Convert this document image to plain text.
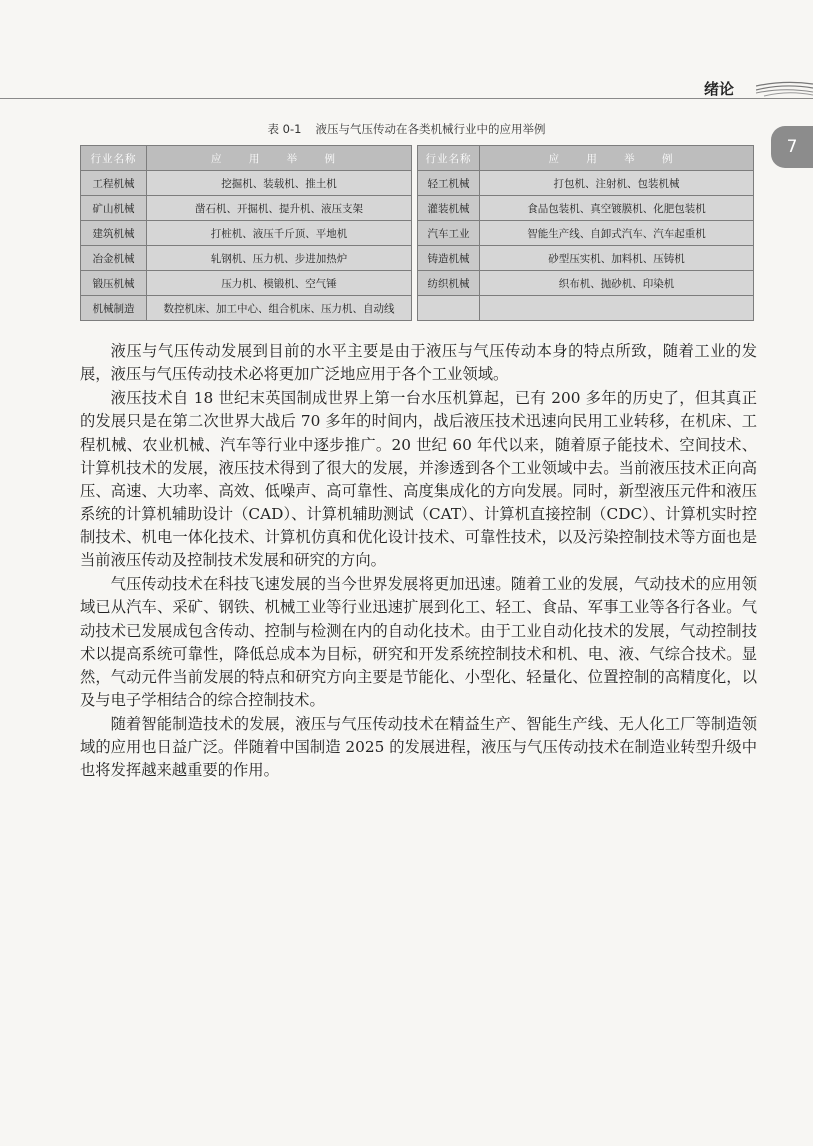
绪论
7
表 0-1 液压与气压传动在各类机械行业中的应用举例
行业名称	应 用 举 例		行业名称	应 用 举 例
工程机械	挖掘机、装载机、推土机		轻工机械	打包机、注射机、包装机械
矿山机械	凿石机、开掘机、提升机、液压支架		灌装机械	食品包装机、真空镀膜机、化肥包装机
建筑机械	打桩机、液压千斤顶、平地机		汽车工业	智能生产线、自卸式汽车、汽车起重机
冶金机械	轧钢机、压力机、步进加热炉		铸造机械	砂型压实机、加料机、压铸机
锻压机械	压力机、模锻机、空气锤		纺织机械	织布机、抛砂机、印染机
机械制造	数控机床、加工中心、组合机床、压力机、自动线			

液压与气压传动发展到目前的水平主要是由于液压与气压传动本身的特点所致，随着工业的发展，液压与气压传动技术必将更加广泛地应用于各个工业领域。

液压技术自 18 世纪末英国制成世界上第一台水压机算起，已有 200 多年的历史了，但其真正的发展只是在第二次世界大战后 70 多年的时间内，战后液压技术迅速向民用工业转移，在机床、工程机械、农业机械、汽车等行业中逐步推广。20 世纪 60 年代以来，随着原子能技术、空间技术、计算机技术的发展，液压技术得到了很大的发展，并渗透到各个工业领域中去。当前液压技术正向高压、高速、大功率、高效、低噪声、高可靠性、高度集成化的方向发展。同时，新型液压元件和液压系统的计算机辅助设计（CAD）、计算机辅助测试（CAT）、计算机直接控制（CDC）、计算机实时控制技术、机电一体化技术、计算机仿真和优化设计技术、可靠性技术，以及污染控制技术等方面也是当前液压传动及控制技术发展和研究的方向。

气压传动技术在科技飞速发展的当今世界发展将更加迅速。随着工业的发展，气动技术的应用领域已从汽车、采矿、钢铁、机械工业等行业迅速扩展到化工、轻工、食品、军事工业等各行各业。气动技术已发展成包含传动、控制与检测在内的自动化技术。由于工业自动化技术的发展，气动控制技术以提高系统可靠性，降低总成本为目标，研究和开发系统控制技术和机、电、液、气综合技术。显然，气动元件当前发展的特点和研究方向主要是节能化、小型化、轻量化、位置控制的高精度化，以及与电子学相结合的综合控制技术。

随着智能制造技术的发展，液压与气压传动技术在精益生产、智能生产线、无人化工厂等制造领域的应用也日益广泛。伴随着中国制造 2025 的发展进程，液压与气压传动技术在制造业转型升级中也将发挥越来越重要的作用。
